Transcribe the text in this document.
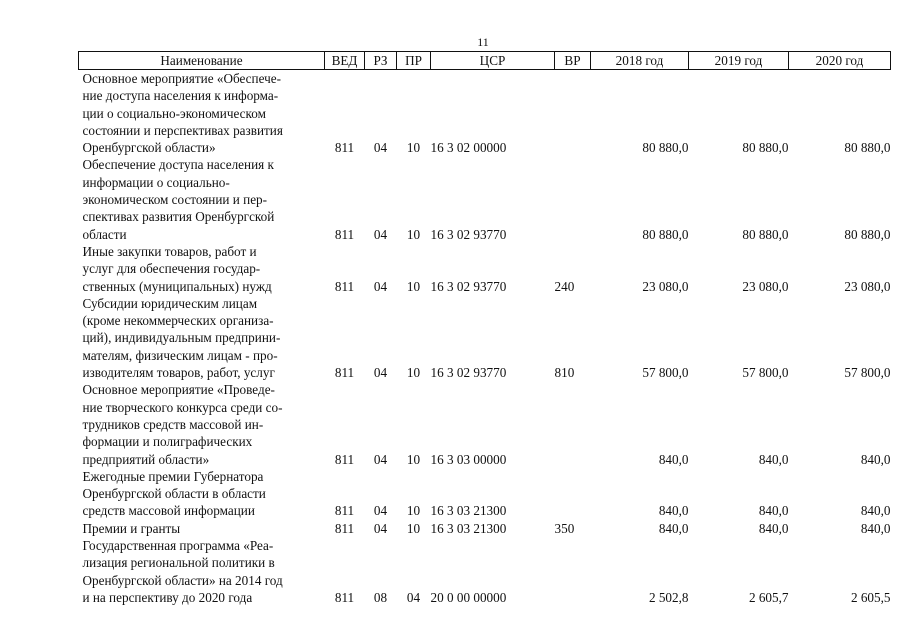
11
Наименование	ВЕД	РЗ	ПР	ЦСР	ВР	2018 год	2019 год	2020 год
Основное мероприятие «Обеспече-
ние доступа населения к информа-
ции о социально-экономическом
состоянии и перспективах развития
Оренбургской области»	811	04	10	16 3 02 00000		80 880,0	80 880,0	80 880,0
Обеспечение доступа населения к
информации о социально-
экономическом состоянии и пер-
спективах развития Оренбургской
области	811	04	10	16 3 02 93770		80 880,0	80 880,0	80 880,0
Иные закупки товаров, работ и
услуг для обеспечения государ-
ственных (муниципальных) нужд	811	04	10	16 3 02 93770	240	23 080,0	23 080,0	23 080,0
Субсидии юридическим лицам
(кроме некоммерческих организа-
ций), индивидуальным предприни-
мателям, физическим лицам - про-
изводителям товаров, работ, услуг	811	04	10	16 3 02 93770	810	57 800,0	57 800,0	57 800,0
Основное мероприятие «Проведе-
ние творческого конкурса среди со-
трудников средств массовой ин-
формации и полиграфических
предприятий области»	811	04	10	16 3 03 00000		840,0	840,0	840,0
Ежегодные премии Губернатора
Оренбургской области в области
средств массовой информации	811	04	10	16 3 03 21300		840,0	840,0	840,0
Премии и гранты	811	04	10	16 3 03 21300	350	840,0	840,0	840,0
Государственная программа «Реа-
лизация региональной политики в
Оренбургской области» на 2014 год
и на перспективу до 2020 года	811	08	04	20 0 00 00000		2 502,8	2 605,7	2 605,5
